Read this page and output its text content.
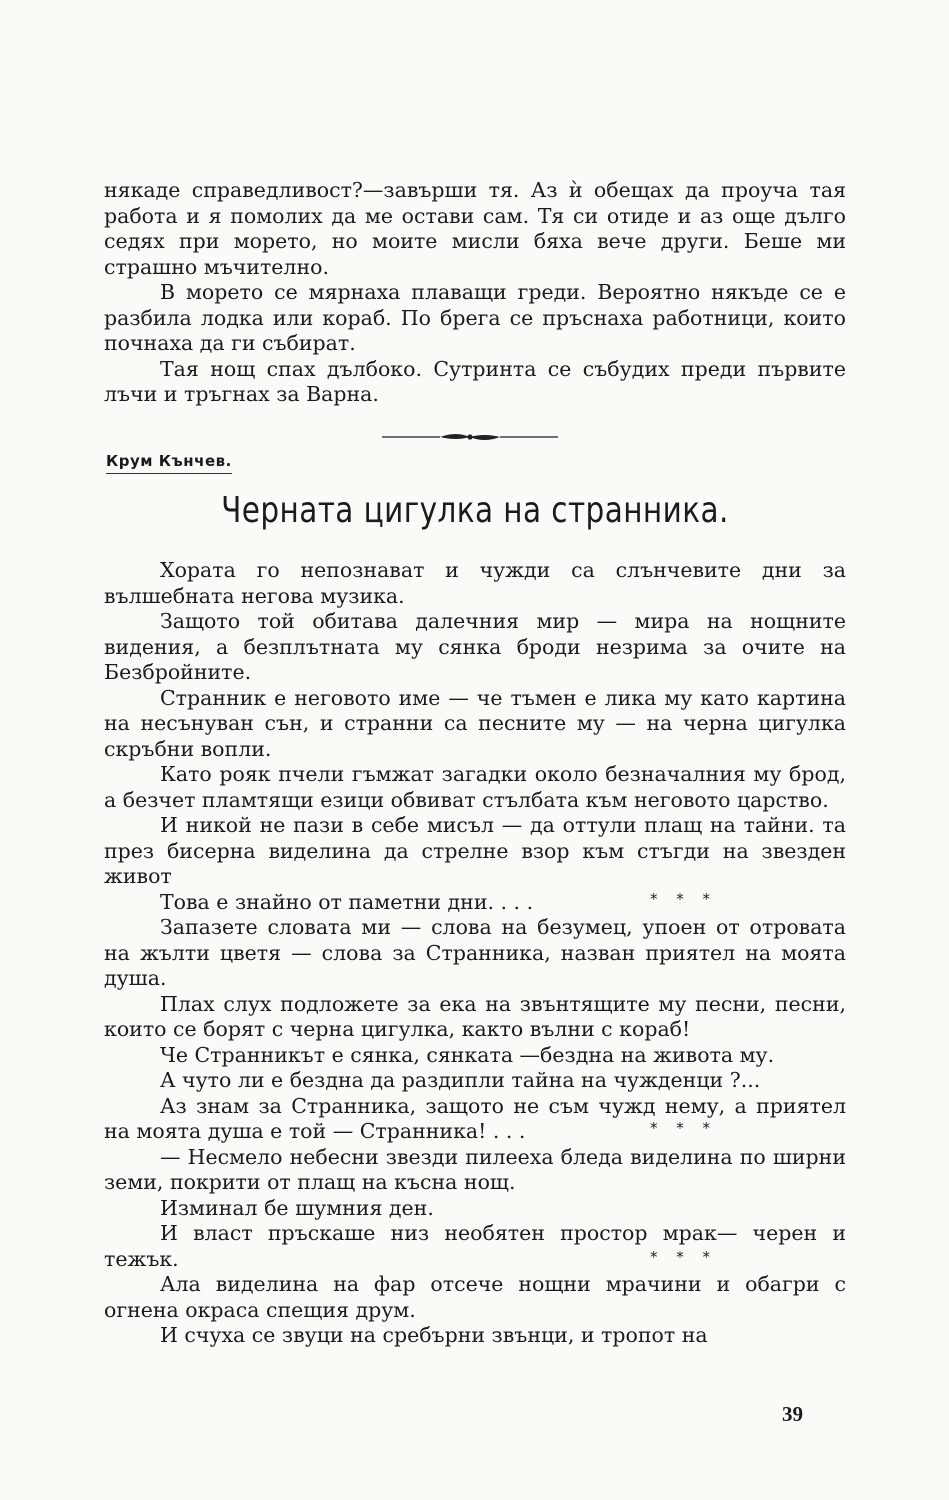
някаде справедливост?—завърши тя. Аз ѝ обещах да проуча тая работа и я помолих да ме остави сам. Тя си отиде и аз още дълго седях при морето, но моите мисли бяха вече други. Беше ми страшно мъчително.

В морето се мярнаха плаващи греди. Вероятно някъде се е разбила лодка или кораб. По брега се пръснаха работници, които почнаха да ги събират.

Тая нощ спах дълбоко. Сутринта се събудих преди първите лъчи и тръгнах за Варна.

Крум Кънчев.
Черната цигулка на странника.

Хората го непознават и чужди са слънчевите дни за вълшебната негова музика.

Защото той обитава далечния мир — мира на нощните видения, а безплътната му сянка броди незрима за очите на Безбройните.

Странник е неговото име — че тъмен е лика му като картина на несънуван сън, и странни са песните му — на черна цигулка скръбни вопли.

Като рояк пчели гъмжат загадки около безначалния му брод, а безчет пламтящи езици обвиват стълбата към неговото царство.

И никой не пази в себе мисъл — да оттули плащ на тайни. та през бисерна виделина да стрелне взор към стъгди на звезден живот

Това е знайно от паметни дни. . . .	* * *

Запазете словата ми — слова на безумец, упоен от отровата на жълти цветя — слова за Странника, назван приятел на моята душа.

Плах слух подложете за ека на звънтящите му песни, песни, които се борят с черна цигулка, както вълни с кораб!

Че Странникът е сянка, сянката —бездна на живота му.

А чуто ли е бездна да раздипли тайна на чужденци ?...

Аз знам за Странника, защото не съм чужд нему, а приятел на моята душа е той — Странника! . . .	* * *

— Несмело небесни звезди пилееха бледа виделина по ширни земи, покрити от плащ на късна нощ.

Изминал бе шумния ден.

И власт пръскаше низ необятен простор мрак— черен и тежък.	* * *

Ала виделина на фар отсече нощни мрачини и обагри с огнена окраса спещия друм.

И счуха се звуци на сребърни звънци, и тропот на

39
